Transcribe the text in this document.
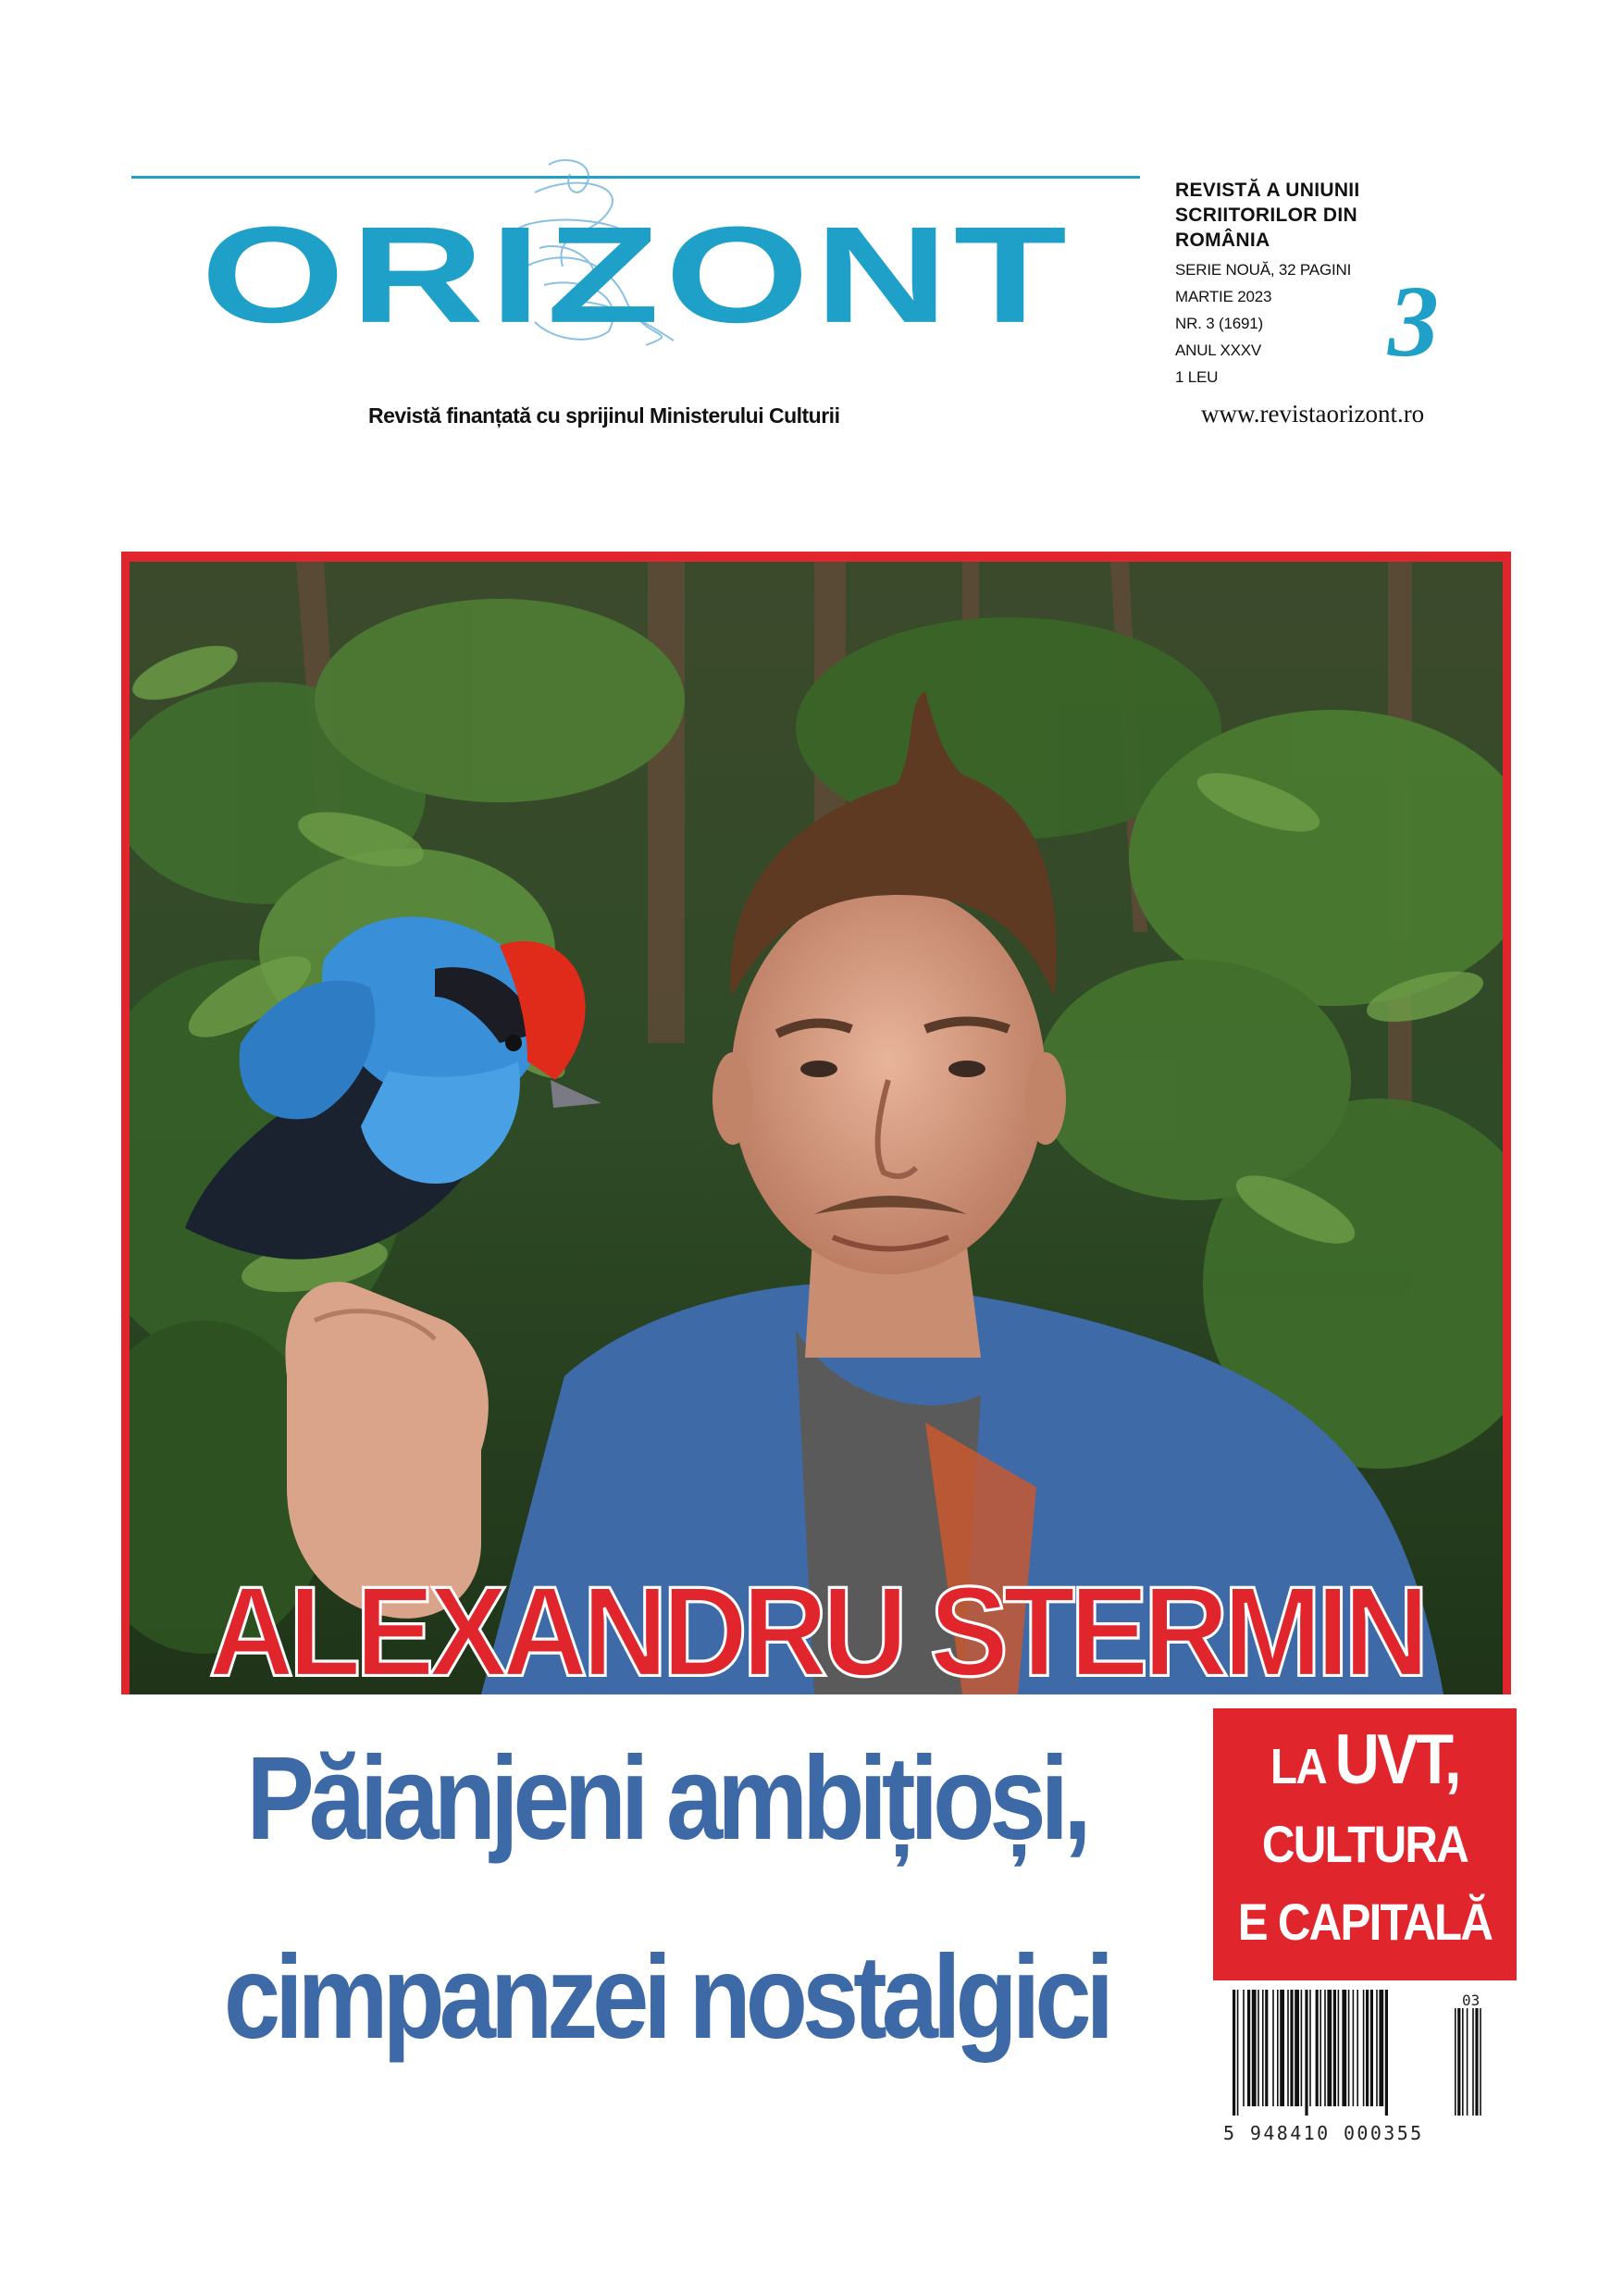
ORIZONT
Revistă finanțată cu sprijinul Ministerului Culturii
REVISTĂ A UNIUNII
SCRIITORILOR DIN
ROMÂNIA
SERIE NOUĂ, 32 PAGINI
MARTIE 2023
NR. 3 (1691)
ANUL XXXV
1 LEU	3
www.revistaorizont.ro
ALEXANDRU STERMIN
Păianjeni ambițioși,
cimpanzei nostalgici
LA UVT,
CULTURA
E CAPITALĂ
03
5 948410 000355
